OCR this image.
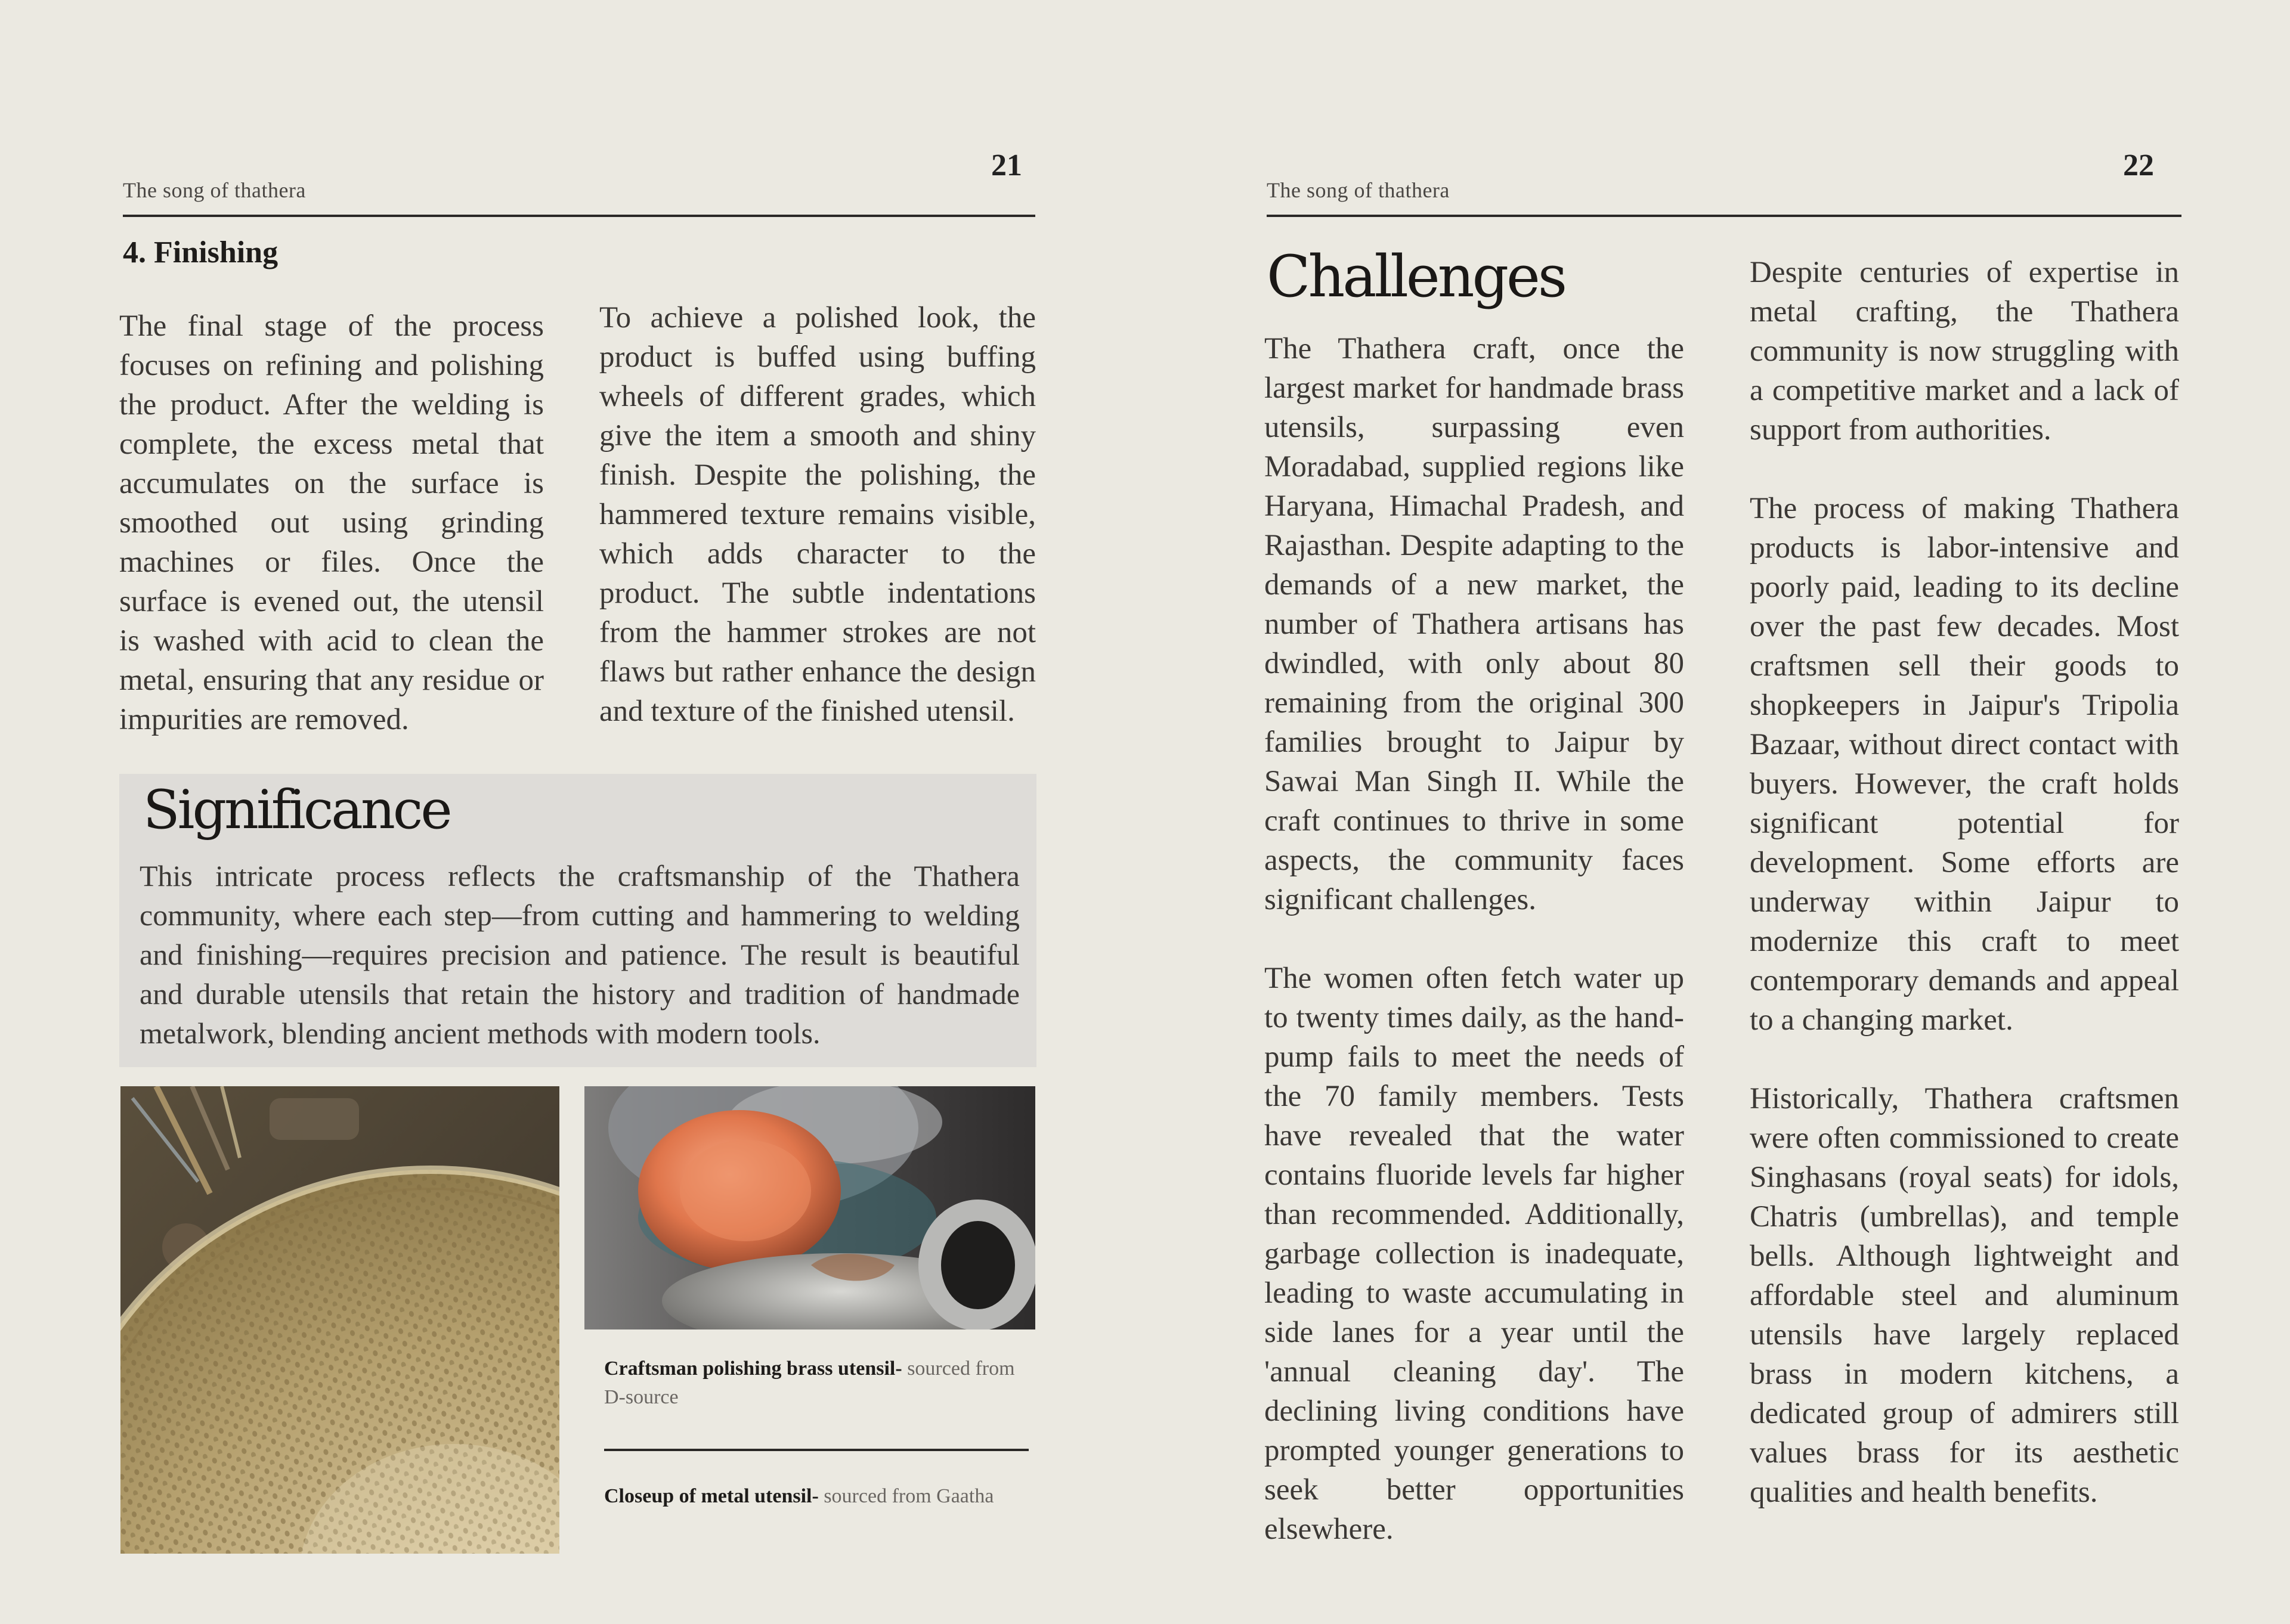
The song of thathera
21
4. Finishing

The final stage of the process focuses on refining and polishing the product. After the welding is complete, the excess metal that accumulates on the surface is smoothed out using grinding machines or files. Once the surface is evened out, the utensil is washed with acid to clean the metal, ensuring that any residue or impurities are removed.

To achieve a polished look, the product is buffed using buffing wheels of different grades, which give the item a smooth and shiny finish. Despite the polishing, the hammered texture remains visible, which adds character to the product. The subtle indentations from the hammer strokes are not flaws but rather enhance the design and texture of the finished utensil.

Significance

This intricate process reflects the craftsmanship of the Thathera community, where each step—from cutting and hammering to welding and finishing—requires precision and patience. The result is beautiful and durable utensils that retain the history and tradition of handmade metalwork, blending ancient methods with modern tools.

Craftsman polishing brass utensil- sourced from D-source
Closeup of metal utensil- sourced from Gaatha
The song of thathera
22
Challenges

The Thathera craft, once the largest market for handmade brass utensils, surpassing even Moradabad, supplied regions like Haryana, Himachal Pradesh, and Rajasthan. Despite adapting to the demands of a new market, the number of Thathera artisans has dwindled, with only about 80 remaining from the original 300 families brought to Jaipur by Sawai Man Singh II. While the craft continues to thrive in some aspects, the community faces significant challenges.

The women often fetch water up to twenty times daily, as the hand-pump fails to meet the needs of the 70 family members. Tests have revealed that the water contains fluoride levels far higher than recommended. Additionally, garbage collection is inadequate, leading to waste accumulating in side lanes for a year until the 'annual cleaning day'. The declining living conditions have prompted younger generations to seek better opportunities elsewhere.

Despite centuries of expertise in metal crafting, the Thathera community is now struggling with a competitive market and a lack of support from authorities.

The process of making Thathera products is labor-intensive and poorly paid, leading to its decline over the past few decades. Most craftsmen sell their goods to shopkeepers in Jaipur's Tripolia Bazaar, without direct contact with buyers. However, the craft holds significant potential for development. Some efforts are underway within Jaipur to modernize this craft to meet contemporary demands and appeal to a changing market.

Historically, Thathera craftsmen were often commissioned to create Singhasans (royal seats) for idols, Chatris (umbrellas), and temple bells. Although lightweight and affordable steel and aluminum utensils have largely replaced brass in modern kitchens, a dedicated group of admirers still values brass for its aesthetic qualities and health benefits.
